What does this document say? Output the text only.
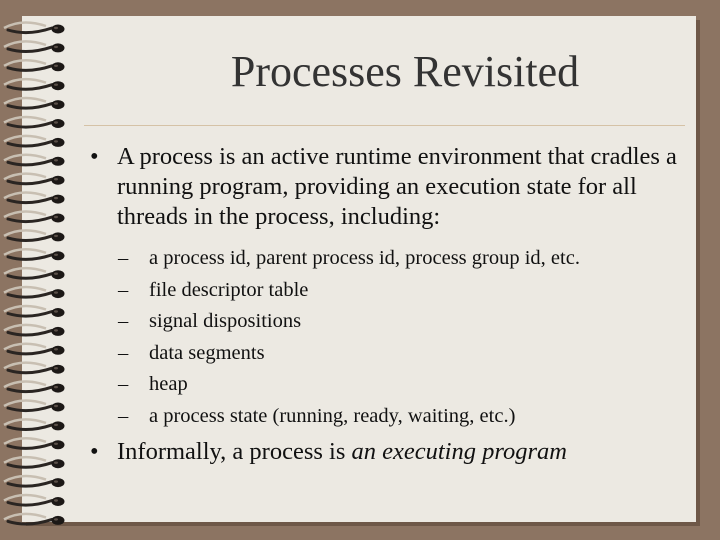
Processes Revisited
• A process is an active runtime environment that cradles a running program, providing an execution state for all threads in the process, including:
– a process id, parent process id, process group id, etc.
– file descriptor table
– signal dispositions
– data segments
– heap
– a process state (running, ready, waiting, etc.)
• Informally, a process is an executing program
